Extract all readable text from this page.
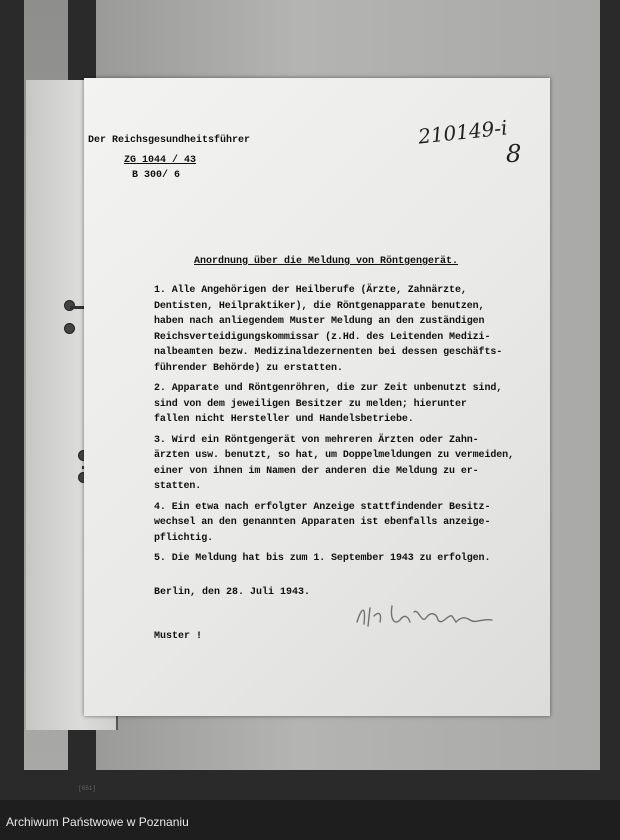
[651]
Der Reichsgesundheitsführer
ZG 1044 / 43
B 300/ 6
210149-i
8
Anordnung über die Meldung von Röntgengerät.

1. Alle Angehörigen der Heilberufe (Ärzte, Zahnärzte,
Dentisten, Heilpraktiker), die Röntgenapparate benutzen,
haben nach anliegendem Muster Meldung an den zuständigen
Reichsverteidigungskommissar (z.Hd. des Leitenden Medizi-
nalbeamten bezw. Medizinaldezernenten bei dessen geschäfts-
führender Behörde) zu erstatten.

2. Apparate und Röntgenröhren, die zur Zeit unbenutzt sind,
sind von dem jeweiligen Besitzer zu melden; hierunter
fallen nicht Hersteller und Handelsbetriebe.

3. Wird ein Röntgengerät von mehreren Ärzten oder Zahn-
ärzten usw. benutzt, so hat, um Doppelmeldungen zu vermeiden,
einer von ihnen im Namen der anderen die Meldung zu er-
statten.

4. Ein etwa nach erfolgter Anzeige stattfindender Besitz-
wechsel an den genannten Apparaten ist ebenfalls anzeige-
pflichtig.

5. Die Meldung hat bis zum 1. September 1943 zu erfolgen.

Berlin, den 28. Juli 1943.
Muster !
Archiwum Państwowe w Poznaniu
